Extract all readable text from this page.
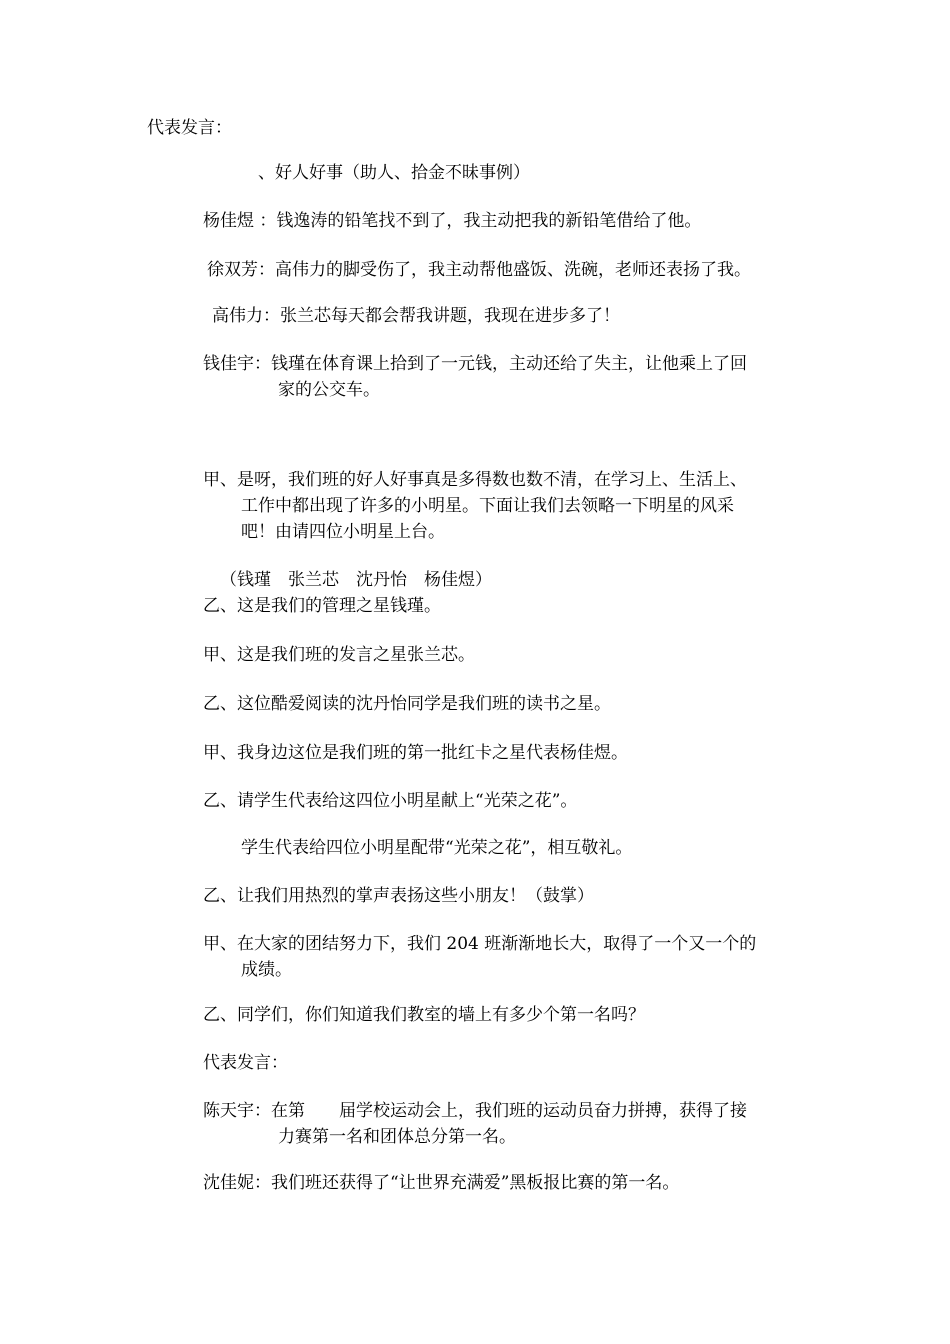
代表发言：
、好人好事（助人、拾金不昧事例）
杨佳煜 ：钱逸涛的铅笔找不到了，我主动把我的新铅笔借给了他。
徐双芳：高伟力的脚受伤了，我主动帮他盛饭、洗碗，老师还表扬了我。
高伟力：张兰芯每天都会帮我讲题，我现在进步多了！
钱佳宇：钱瑾在体育课上拾到了一元钱，主动还给了失主，让他乘上了回
家的公交车。
甲、是呀，我们班的好人好事真是多得数也数不清，在学习上、生活上、
工作中都出现了许多的小明星。下面让我们去领略一下明星的风采
吧！由请四位小明星上台。
（钱瑾　张兰芯　沈丹怡　杨佳煜）
乙、这是我们的管理之星钱瑾。
甲、这是我们班的发言之星张兰芯。
乙、这位酷爱阅读的沈丹怡同学是我们班的读书之星。
甲、我身边这位是我们班的第一批红卡之星代表杨佳煜。
乙、请学生代表给这四位小明星献上“光荣之花”。
学生代表给四位小明星配带“光荣之花”，相互敬礼。
乙、让我们用热烈的掌声表扬这些小朋友！（鼓掌）
甲、在大家的团结努力下，我们 204 班渐渐地长大，取得了一个又一个的
成绩。
乙、同学们，你们知道我们教室的墙上有多少个第一名吗？
代表发言：
陈天宇：在第　　届学校运动会上，我们班的运动员奋力拼搏，获得了接
力赛第一名和团体总分第一名。
沈佳妮：我们班还获得了“让世界充满爱”黑板报比赛的第一名。
